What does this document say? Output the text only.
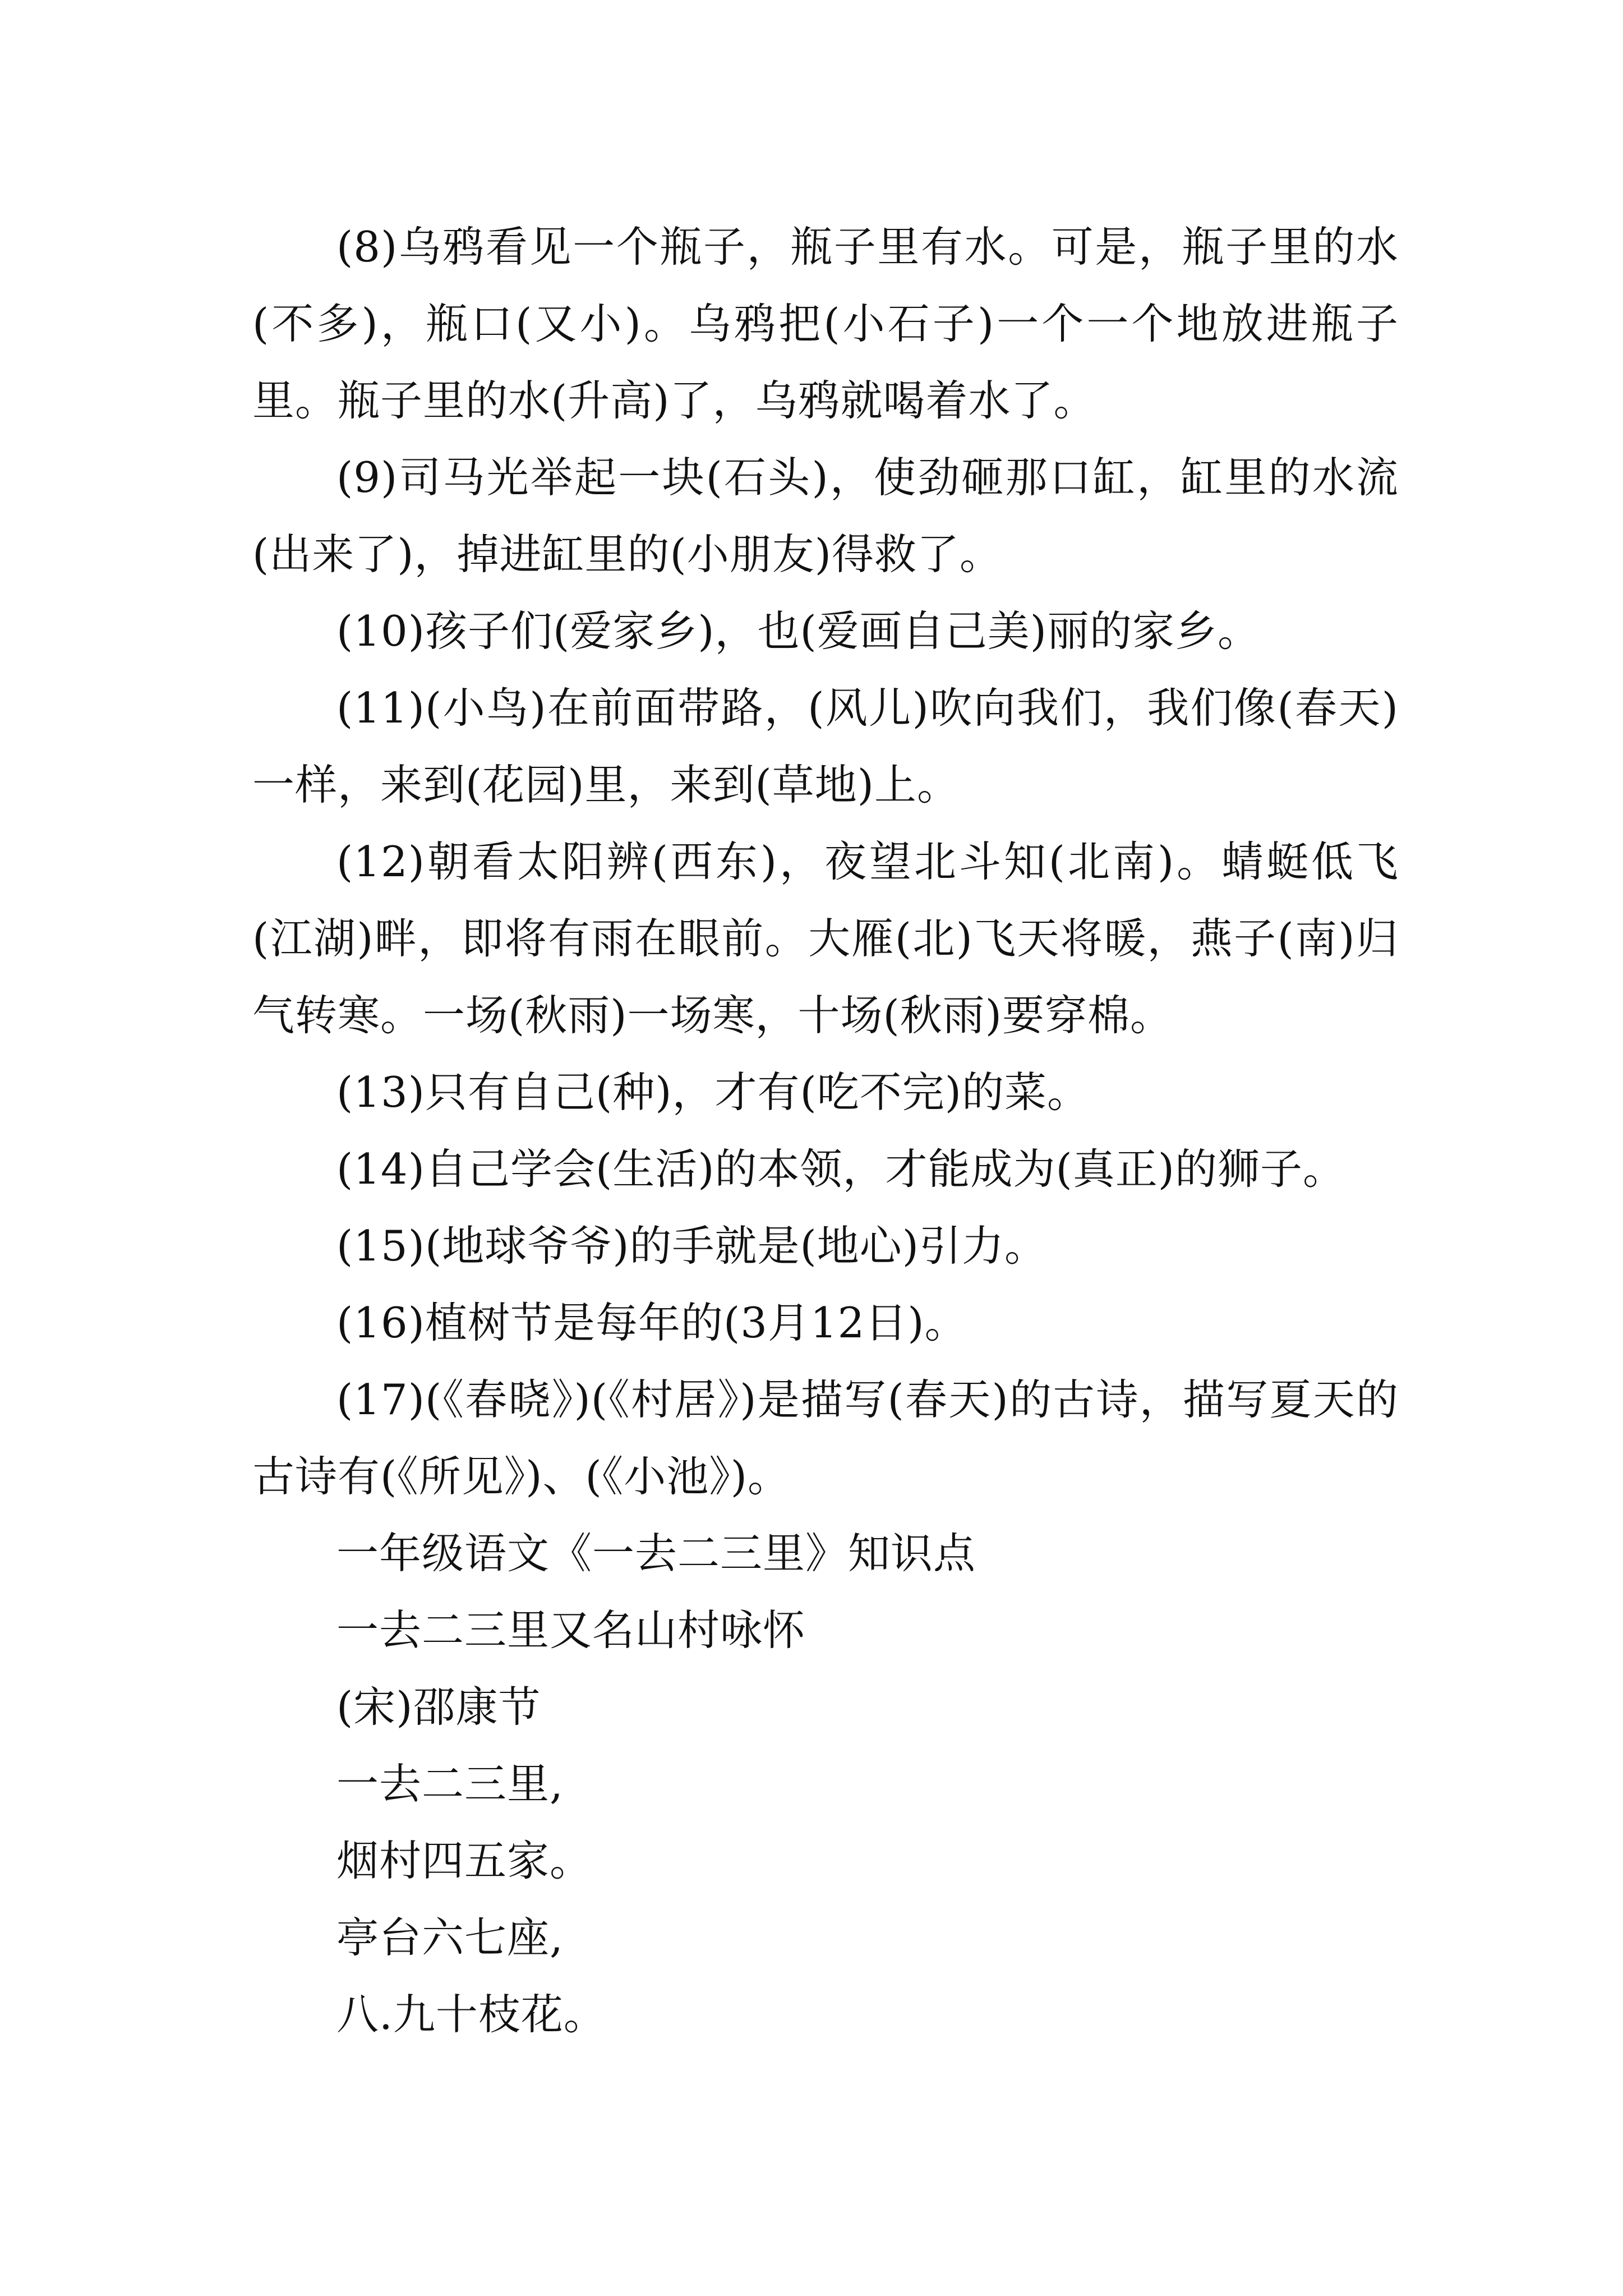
(8)乌鸦看见一个瓶子，瓶子里有水。可是，瓶子里的水(不多)，瓶口(又小)。乌鸦把(小石子)一个一个地放进瓶子里。瓶子里的水(升高)了，乌鸦就喝着水了。

(9)司马光举起一块(石头)，使劲砸那口缸，缸里的水流(出来了)，掉进缸里的(小朋友)得救了。

(10)孩子们(爱家乡)，也(爱画自己美)丽的家乡。

(11)(小鸟)在前面带路，(风儿)吹向我们，我们像(春天)一样，来到(花园)里，来到(草地)上。

(12)朝看太阳辨(西东)，夜望北斗知(北南)。蜻蜓低飞(江湖)畔，即将有雨在眼前。大雁(北)飞天将暖，燕子(南)归气转寒。一场(秋雨)一场寒，十场(秋雨)要穿棉。

(13)只有自己(种)，才有(吃不完)的菜。

(14)自己学会(生活)的本领，才能成为(真正)的狮子。

(15)(地球爷爷)的手就是(地心)引力。

(16)植树节是每年的(3月12日)。

(17)(《春晓》)(《村居》)是描写(春天)的古诗，描写夏天的古诗有(《所见》)、(《小池》)。

一年级语文《一去二三里》知识点

一去二三里又名山村咏怀

(宋)邵康节

一去二三里,

烟村四五家。

亭台六七座,

八.九十枝花。
